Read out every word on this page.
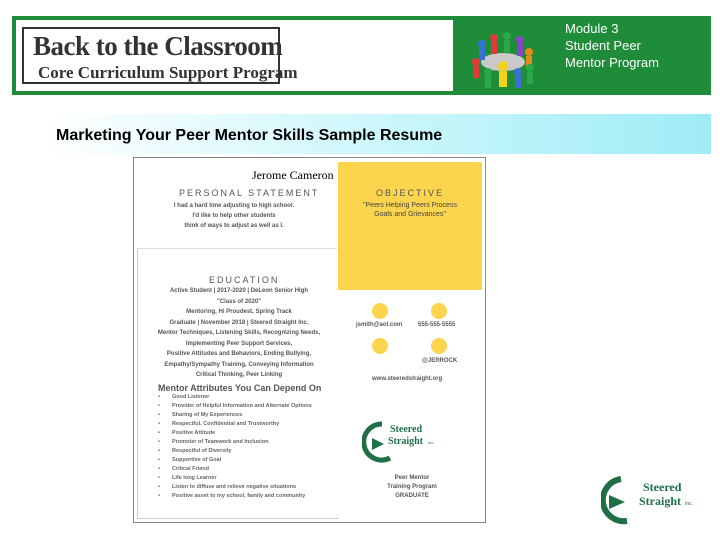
Back to the Classroom
Core Curriculum Support Program
Module 3
Student Peer
Mentor Program
Marketing Your Peer Mentor Skills Sample Resume
Jerome Cameron
PERSONAL STATEMENT
I had a hard time adjusting to high school.
I'd like to help other students
think of ways to adjust as well as I.
OBJECTIVE
"Peers Helping Peers Process
Goals and Grievances"
EDUCATION
Active Student | 2017-2020 | DeLeon Senior High
"Class of 2020"
Mentoring, Hi Proudest, Spring Track
Graduate | November 2018 | Steered Straight Inc.
Mentor Techniques, Listening Skills, Recognizing Needs,
Implementing Peer Support Services,
Positive Attitudes and Behaviors, Ending Bullying,
Empathy/Sympathy Training, Conveying Information
Critical Thinking, Peer Linking
Mentor Attributes You Can Depend On
• Good Listener
• Provider of Helpful Information and Alternate Options
• Sharing of My Experiences
• Respectful, Confidential and Trustworthy
• Positive Attitude
• Promoter of Teamwork and Inclusion
• Respectful of Diversity
• Supportive of Goal
• Critical Friend
• Life long Learner
• Listen to diffuse and relieve negative situations
• Positive asset to my school, family and community
jsmith@aol.com	555-555-5555
@JERROCK
www.steeredstraight.org
Steered
Straight Inc.
Peer Mentor
Training Program
GRADUATE
Steered
Straight Inc.
